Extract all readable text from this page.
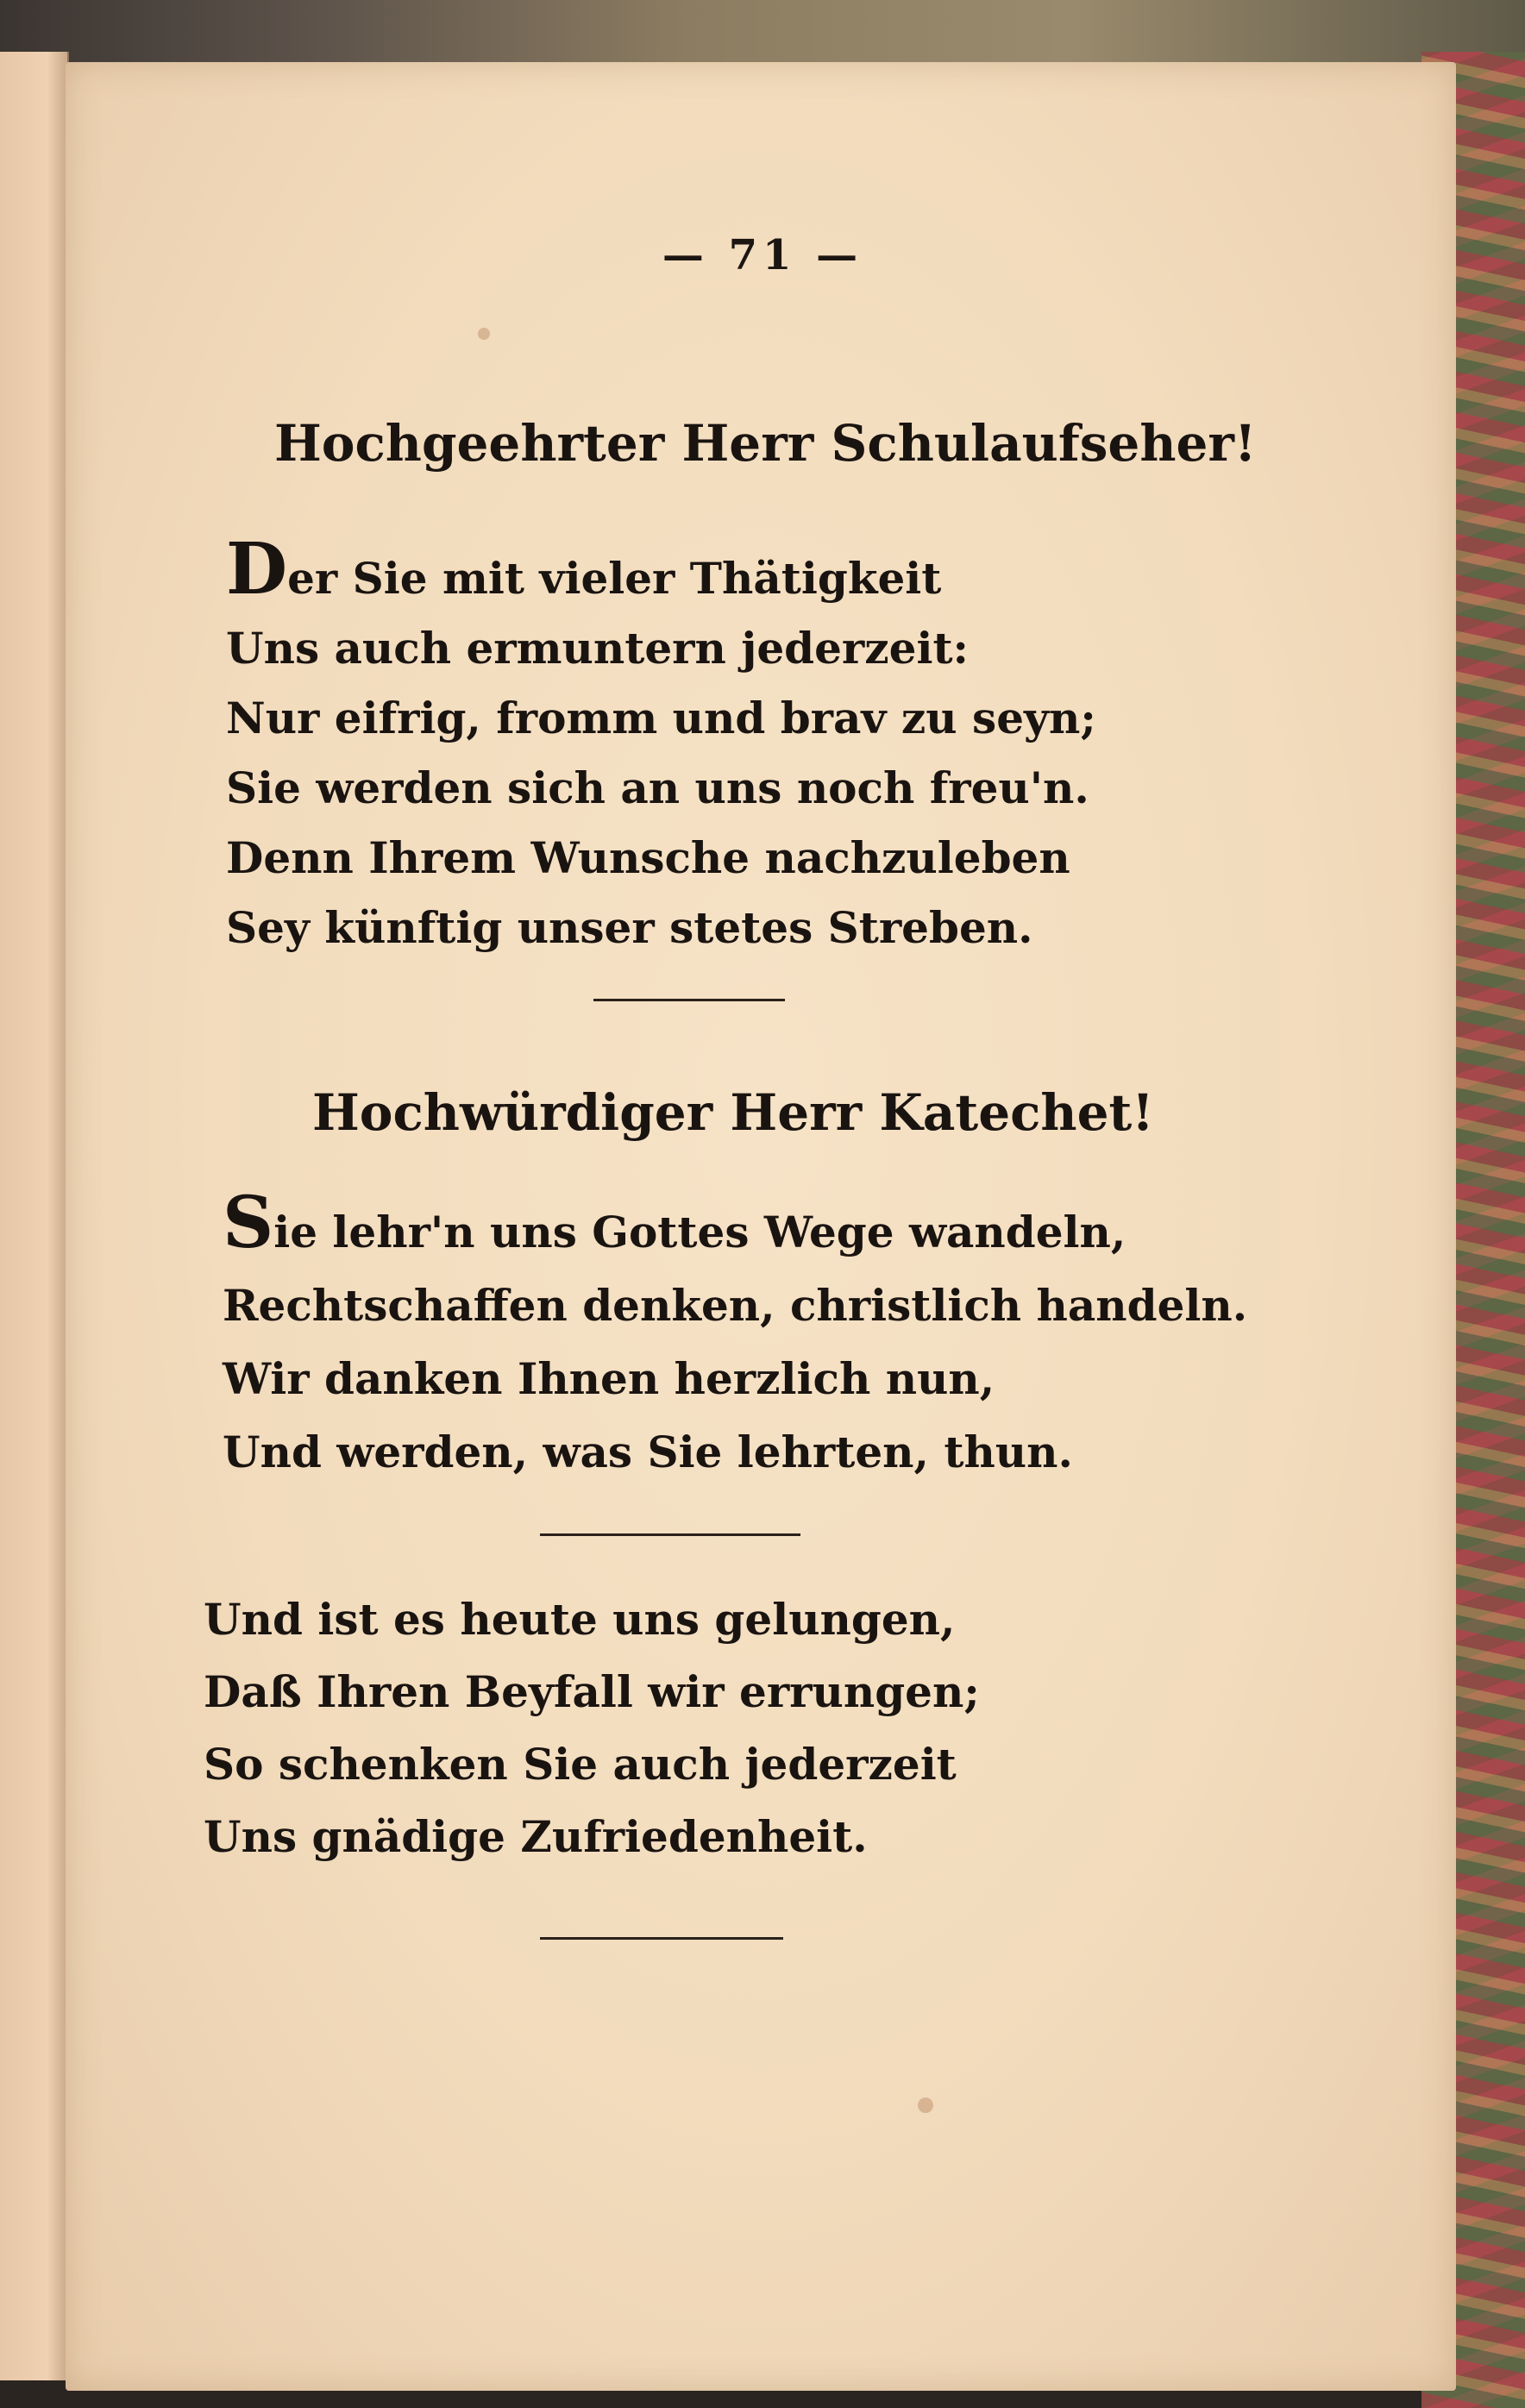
— 71 —
Hochgeehrter Herr Schulaufseher!
Der Sie mit vieler Thätigkeit
Uns auch ermuntern jederzeit:
Nur eifrig, fromm und brav zu seyn;
Sie werden sich an uns noch freu'n.
Denn Ihrem Wunsche nachzuleben
Sey künftig unser stetes Streben.
Hochwürdiger Herr Katechet!
Sie lehr'n uns Gottes Wege wandeln,
Rechtschaffen denken, christlich handeln.
Wir danken Ihnen herzlich nun,
Und werden, was Sie lehrten, thun.
Und ist es heute uns gelungen,
Daß Ihren Beyfall wir errungen;
So schenken Sie auch jederzeit
Uns gnädige Zufriedenheit.
